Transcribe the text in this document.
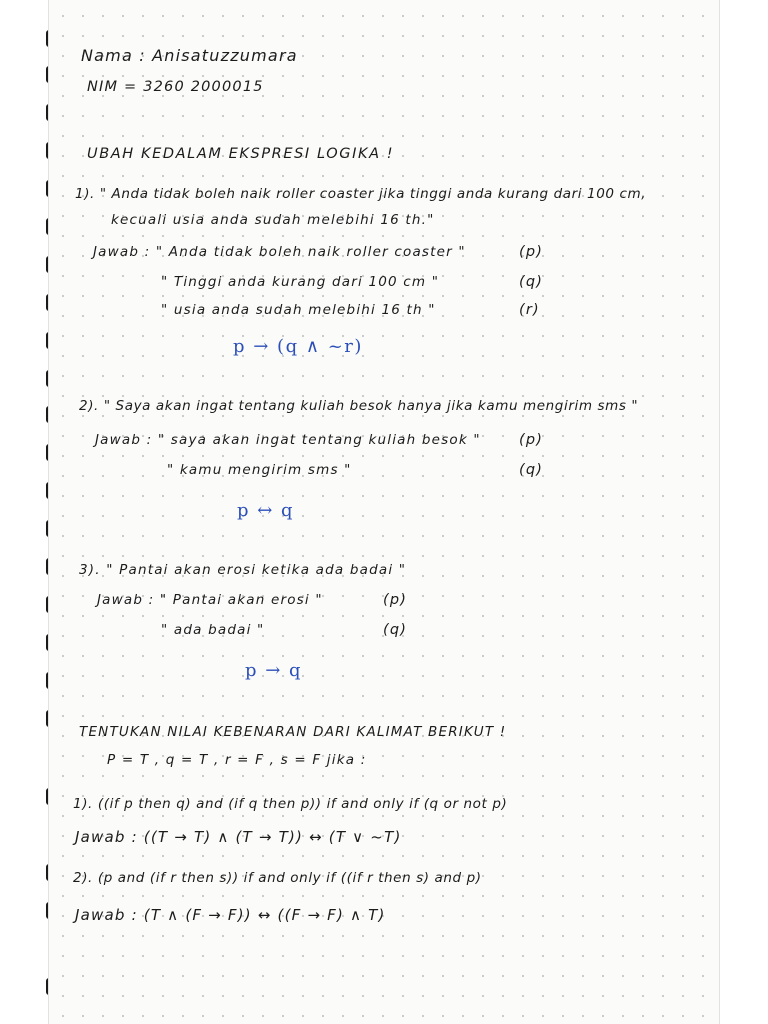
Nama : Anisatuzzumara
NIM = 3260 2000015
UBAH KEDALAM EKSPRESI LOGIKA !
1). " Anda tidak boleh naik roller coaster jika tinggi anda kurang dari 100 cm,
kecuali usia anda sudah melebihi 16 th."
Jawab : " Anda tidak boleh naik roller coaster "	(p)
" Tinggi anda kurang dari 100 cm "	(q)
" usia anda sudah melebihi 16 th "	(r)
p → (q ∧ ~r)
2). " Saya akan ingat tentang kuliah besok hanya jika kamu mengirim sms "
Jawab : " saya akan ingat tentang kuliah besok "	(p)
" kamu mengirim sms "	(q)
p ↔ q
3). " Pantai akan erosi ketika ada badai "
Jawab : " Pantai akan erosi "	(p)
" ada badai "	(q)
p → q
TENTUKAN NILAI KEBENARAN DARI KALIMAT BERIKUT !
P = T , q = T , r = F , s = F jika :
1). ((if p then q) and (if q then p)) if and only if (q or not p)
Jawab : ((T → T) ∧ (T → T)) ↔ (T ∨ ~T)
2). (p and (if r then s)) if and only if ((if r then s) and p)
Jawab : (T ∧ (F → F)) ↔ ((F → F) ∧ T)
